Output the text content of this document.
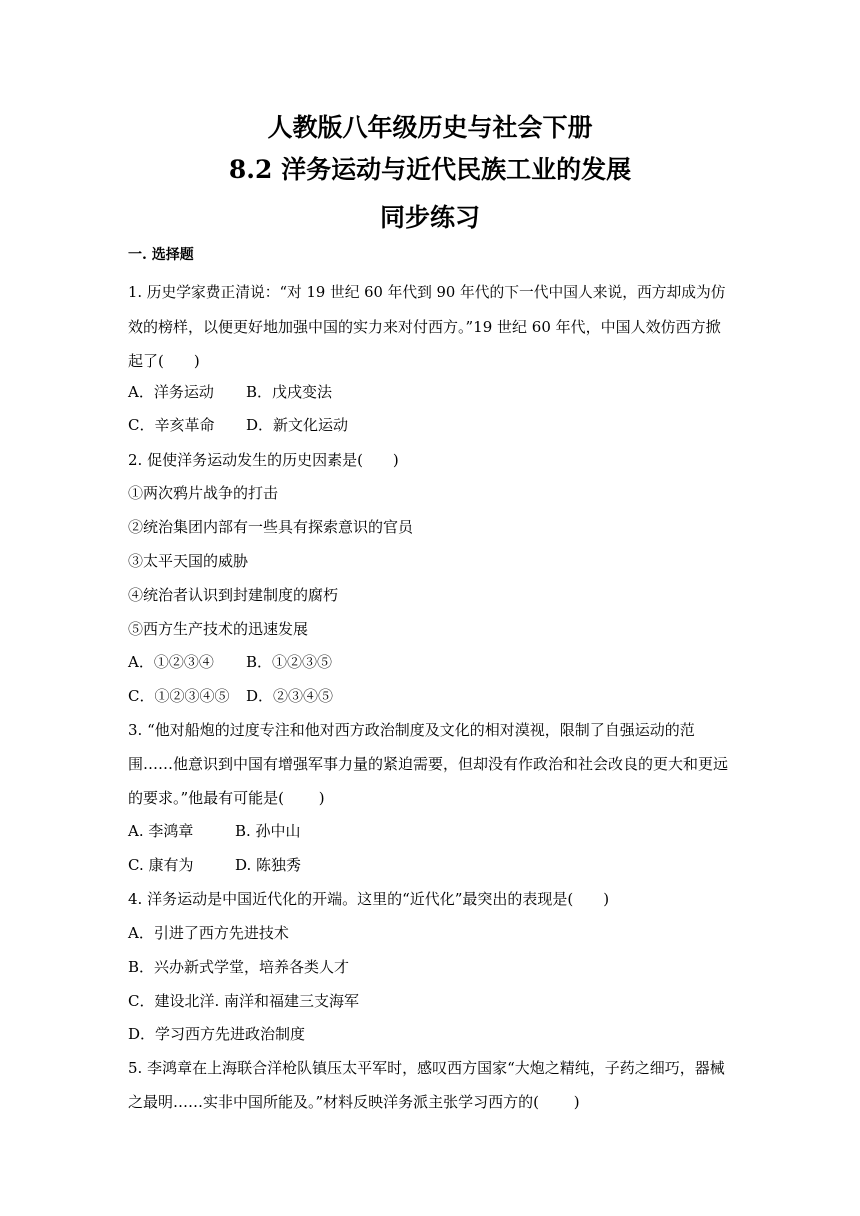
人教版八年级历史与社会下册
8.2 洋务运动与近代民族工业的发展
同步练习
一. 选择题
1. 历史学家费正清说：“对 19 世纪 60 年代到 90 年代的下一代中国人来说，西方却成为仿
效的榜样，以便更好地加强中国的实力来对付西方。”19 世纪 60 年代，中国人效仿西方掀
起了(　　)
A．洋务运动 B．戊戌变法
C．辛亥革命 D．新文化运动
2. 促使洋务运动发生的历史因素是(　　)
①两次鸦片战争的打击
②统治集团内部有一些具有探索意识的官员
③太平天国的威胁
④统治者认识到封建制度的腐朽
⑤西方生产技术的迅速发展
A．①②③④ B．①②③⑤
C．①②③④⑤ D．②③④⑤
3. “他对船炮的过度专注和他对西方政治制度及文化的相对漠视，限制了自强运动的范
围……他意识到中国有增强军事力量的紧迫需要，但却没有作政治和社会改良的更大和更远
的要求。”他最有可能是(　　 )
A. 李鸿章	B. 孙中山
C. 康有为	D. 陈独秀
4. 洋务运动是中国近代化的开端。这里的“近代化”最突出的表现是(　　)
A．引进了西方先进技术
B．兴办新式学堂，培养各类人才
C．建设北洋. 南洋和福建三支海军
D．学习西方先进政治制度
5. 李鸿章在上海联合洋枪队镇压太平军时，感叹西方国家“大炮之精纯，子药之细巧，器械
之最明……实非中国所能及。”材料反映洋务派主张学习西方的(　　 )
